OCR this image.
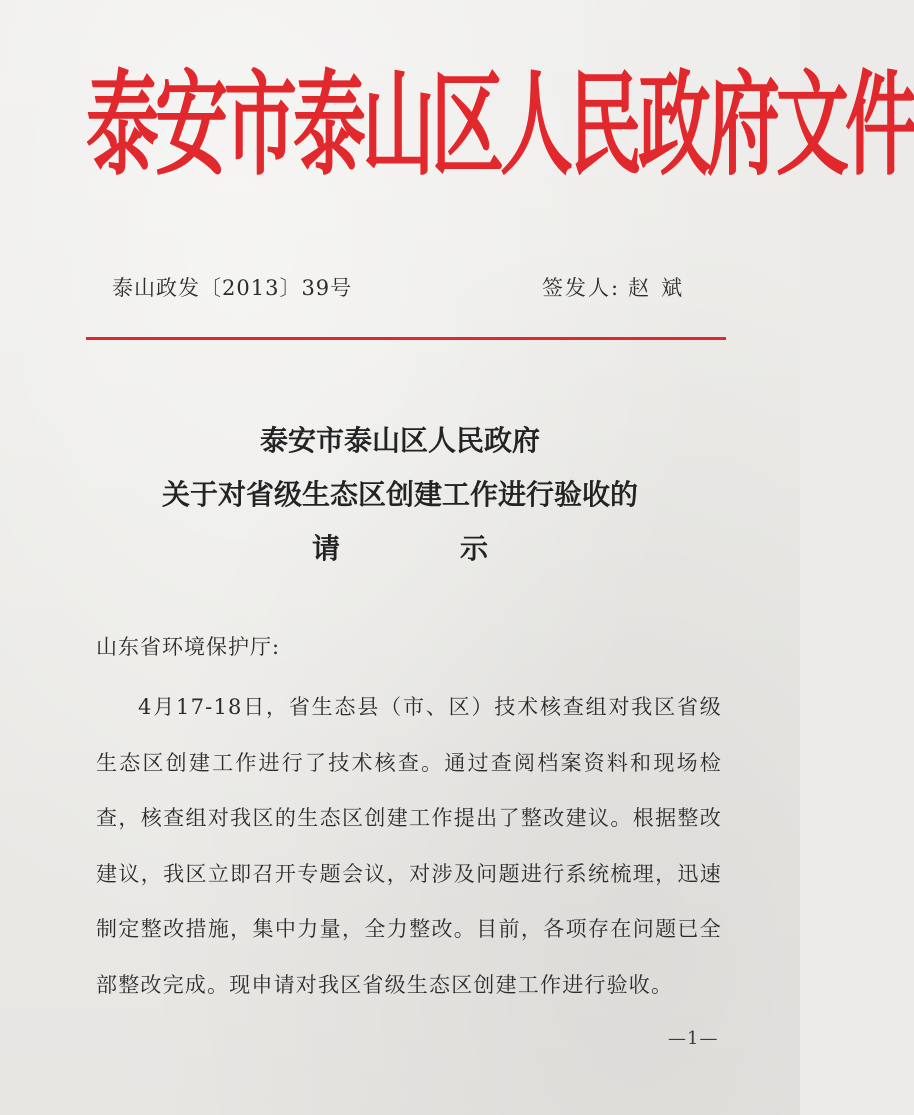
泰安市泰山区人民政府文件
泰山政发〔2013〕39号	签发人: 赵斌
泰安市泰山区人民政府
关于对省级生态区创建工作进行验收的
请示
山东省环境保护厅:

4月17-18日，省生态县（市、区）技术核查组对我区省级生态区创建工作进行了技术核查。通过查阅档案资料和现场检查，核查组对我区的生态区创建工作提出了整改建议。根据整改建议，我区立即召开专题会议，对涉及问题进行系统梳理，迅速制定整改措施，集中力量，全力整改。目前，各项存在问题已全部整改完成。现申请对我区省级生态区创建工作进行验收。

—1—
